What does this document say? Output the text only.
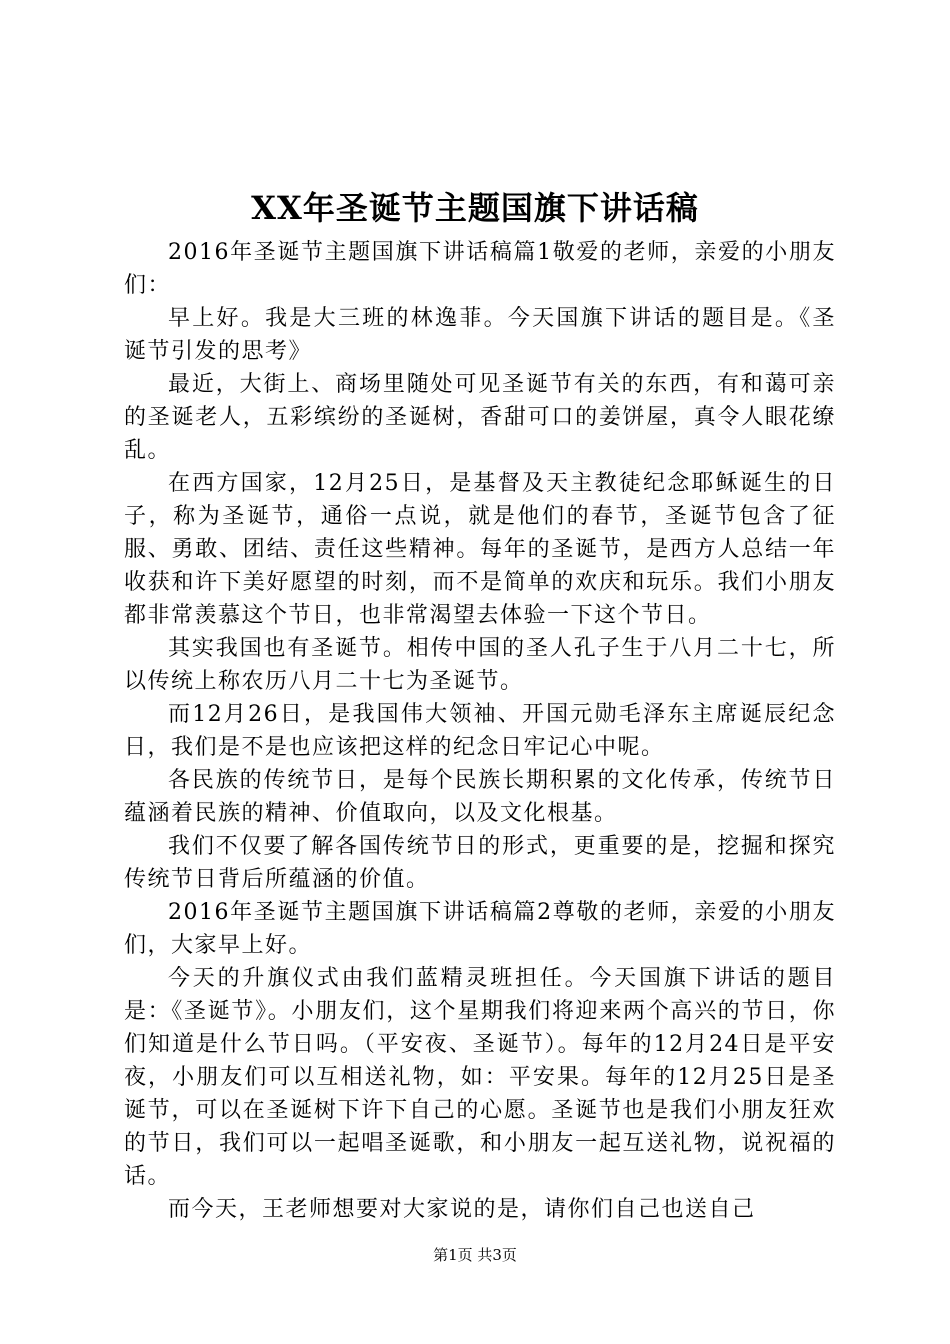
XX年圣诞节主题国旗下讲话稿

2016年圣诞节主题国旗下讲话稿篇1敬爱的老师，亲爱的小朋友们：

早上好。我是大三班的林逸菲。今天国旗下讲话的题目是。《圣诞节引发的思考》

最近，大街上、商场里随处可见圣诞节有关的东西，有和蔼可亲的圣诞老人，五彩缤纷的圣诞树，香甜可口的姜饼屋，真令人眼花缭乱。

在西方国家，12月25日，是基督及天主教徒纪念耶稣诞生的日子，称为圣诞节，通俗一点说，就是他们的春节，圣诞节包含了征服、勇敢、团结、责任这些精神。每年的圣诞节，是西方人总结一年收获和许下美好愿望的时刻，而不是简单的欢庆和玩乐。我们小朋友都非常羡慕这个节日，也非常渴望去体验一下这个节日。

其实我国也有圣诞节。相传中国的圣人孔子生于八月二十七，所以传统上称农历八月二十七为圣诞节。

而12月26日，是我国伟大领袖、开国元勋毛泽东主席诞辰纪念日，我们是不是也应该把这样的纪念日牢记心中呢。

各民族的传统节日，是每个民族长期积累的文化传承，传统节日蕴涵着民族的精神、价值取向，以及文化根基。

我们不仅要了解各国传统节日的形式，更重要的是，挖掘和探究传统节日背后所蕴涵的价值。

2016年圣诞节主题国旗下讲话稿篇2尊敬的老师，亲爱的小朋友们，大家早上好。

今天的升旗仪式由我们蓝精灵班担任。今天国旗下讲话的题目是：《圣诞节》。小朋友们，这个星期我们将迎来两个高兴的节日，你们知道是什么节日吗。（平安夜、圣诞节）。每年的12月24日是平安夜，小朋友们可以互相送礼物，如：平安果。每年的12月25日是圣诞节，可以在圣诞树下许下自己的心愿。圣诞节也是我们小朋友狂欢的节日，我们可以一起唱圣诞歌，和小朋友一起互送礼物，说祝福的话。

而今天，王老师想要对大家说的是，请你们自己也送自己

第1页 共3页
